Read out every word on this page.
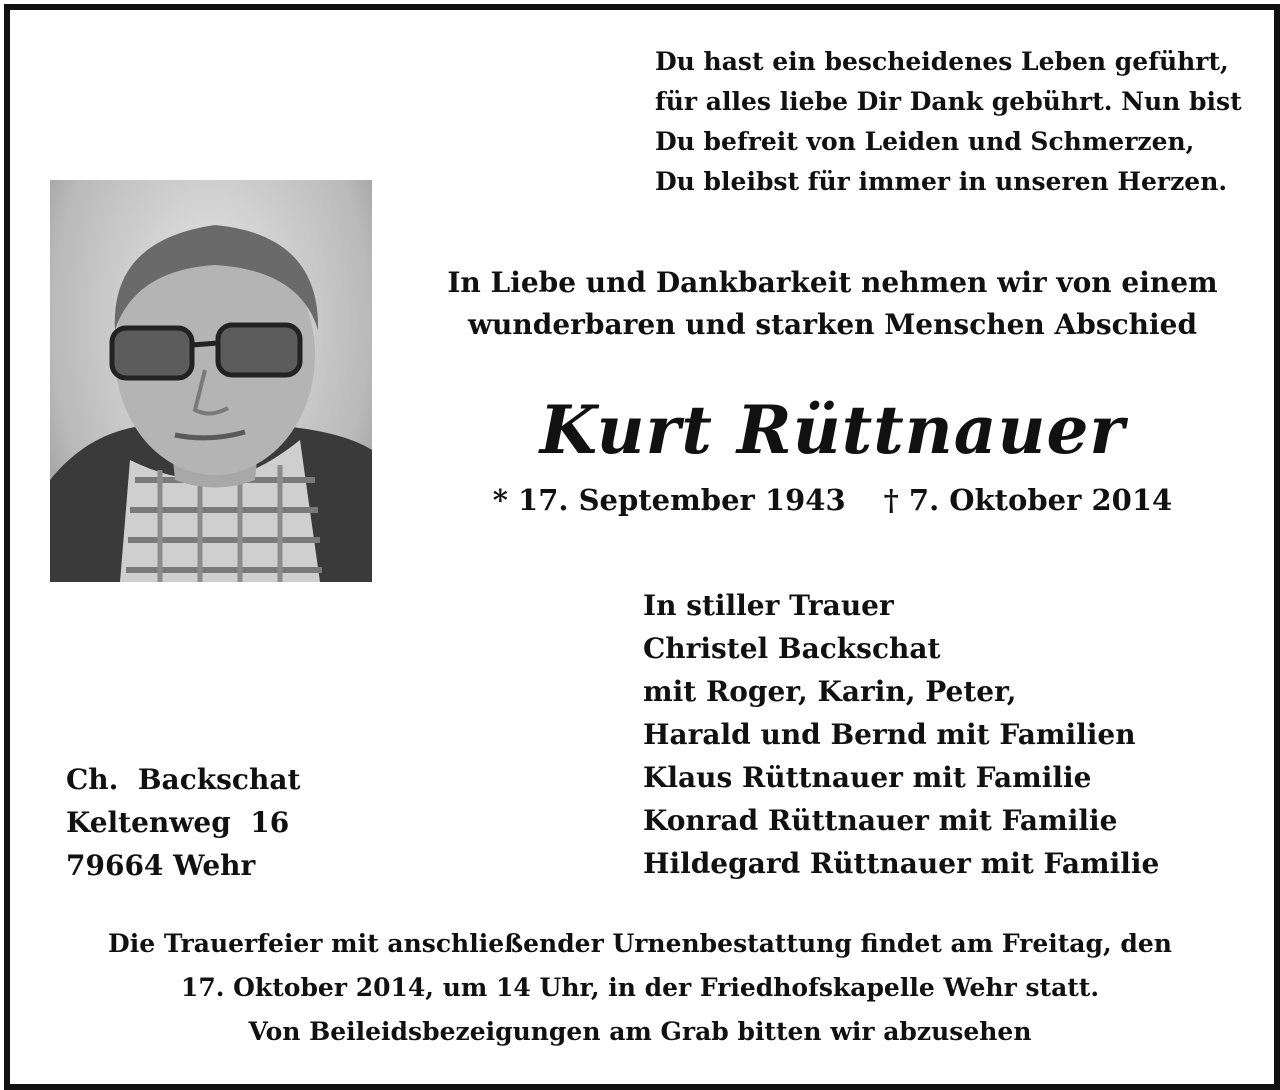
Du hast ein bescheidenes Leben geführt,
für alles liebe Dir Dank gebührt. Nun bist
Du befreit von Leiden und Schmerzen,
Du bleibst für immer in unseren Herzen.
In Liebe und Dankbarkeit nehmen wir von einem
wunderbaren und starken Menschen Abschied
Kurt Rüttnauer
* 17. September 1943 † 7. Oktober 2014
In stiller Trauer
Christel Backschat
mit Roger, Karin, Peter,
Harald und Bernd mit Familien
Klaus Rüttnauer mit Familie
Konrad Rüttnauer mit Familie
Hildegard Rüttnauer mit Familie
Ch.  Backschat
Keltenweg  16
79664 Wehr
Die Trauerfeier mit anschließender Urnenbestattung findet am Freitag, den
17. Oktober 2014, um 14 Uhr, in der Friedhofskapelle Wehr statt.
Von Beileidsbezeigungen am Grab bitten wir abzusehen
